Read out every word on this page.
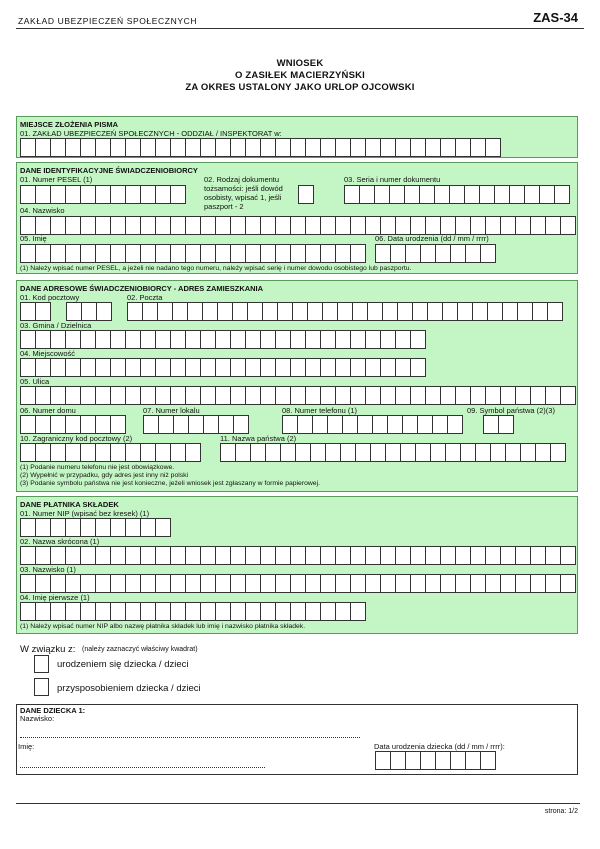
ZAKŁAD UBEZPIECZEŃ SPOŁECZNYCH	ZAS-34
WNIOSEK
O ZASIŁEK MACIERZYŃSKI
ZA OKRES USTALONY JAKO URLOP OJCOWSKI
MIEJSCE ZŁOŻENIA PISMA
01. ZAKŁAD UBEZPIECZEŃ SPOŁECZNYCH - ODDZIAŁ / INSPEKTORAT w:
DANE IDENTYFIKACYJNE ŚWIADCZENIOBIORCY
01. Numer PESEL (1)	02. Rodzaj dokumentu
tożsamości: jeśli dowód
osobisty, wpisać 1, jeśli
paszport - 2
03. Seria i numer dokumentu
04. Nazwisko
05. Imię	06. Data urodzenia (dd / mm / rrrr)
(1) Należy wpisać numer PESEL, a jeżeli nie nadano tego numeru, należy wpisać serię i numer dowodu osobistego lub paszportu.
DANE ADRESOWE ŚWIADCZENIOBIORCY - ADRES ZAMIESZKANIA
01. Kod pocztowy	02. Poczta
03. Gmina / Dzielnica
04. Miejscowość
05. Ulica
06. Numer domu	07. Numer lokalu	08. Numer telefonu (1)	09. Symbol państwa (2)(3)
10. Zagraniczny kod pocztowy (2)	11. Nazwa państwa (2)
(1) Podanie numeru telefonu nie jest obowiązkowe.
(2) Wypełnić w przypadku, gdy adres jest inny niż polski
(3) Podanie symbolu państwa nie jest konieczne, jeżeli wniosek jest zgłaszany w formie papierowej.
DANE PŁATNIKA SKŁADEK
01. Numer NIP (wpisać bez kresek) (1)
02. Nazwa skrócona (1)
03. Nazwisko (1)
04. Imię pierwsze (1)
(1) Należy wpisać numer NIP albo nazwę płatnika składek lub imię i nazwisko płatnika składek.
W związku z: (należy zaznaczyć właściwy kwadrat)
urodzeniem się dziecka / dzieci
przysposobieniem dziecka / dzieci
DANE DZIECKA 1:
Nazwisko:
Imię:	Data urodzenia dziecka (dd / mm / rrrr):
strona: 1/2
